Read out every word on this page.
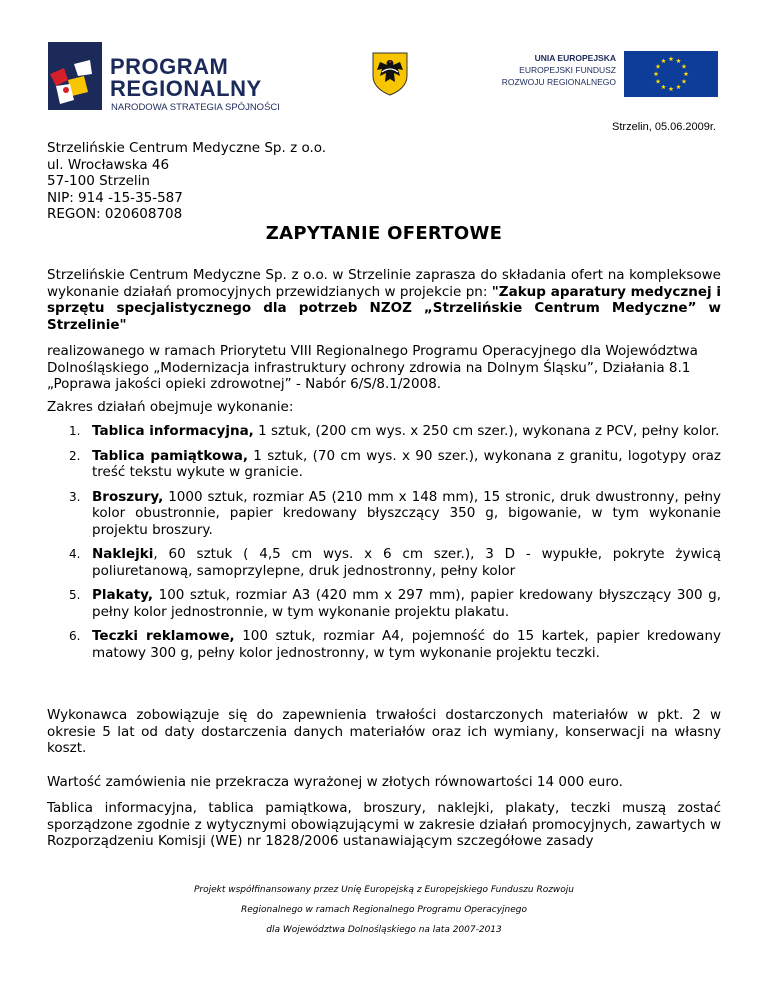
PROGRAM
REGIONALNY
NARODOWA STRATEGIA SPÓJNOŚCI
UNIA EUROPEJSKA
EUROPEJSKI FUNDUSZ
ROZWOJU REGIONALNEGO
Strzelin, 05.06.2009r.
Strzelińskie Centrum Medyczne Sp. z o.o.
ul. Wrocławska 46
57-100 Strzelin
NIP: 914 -15-35-587
REGON: 020608708
ZAPYTANIE OFERTOWE
Strzelińskie Centrum Medyczne Sp. z o.o. w Strzelinie zaprasza do składania ofert na kompleksowe wykonanie działań promocyjnych przewidzianych w projekcie pn: "Zakup aparatury medycznej i sprzętu specjalistycznego dla potrzeb NZOZ „Strzelińskie Centrum Medyczne” w Strzelinie"
realizowanego w ramach Priorytetu VIII Regionalnego Programu Operacyjnego dla Województwa Dolnośląskiego „Modernizacja infrastruktury ochrony zdrowia na Dolnym Śląsku”, Działania 8.1 „Poprawa jakości opieki zdrowotnej” - Nabór 6/S/8.1/2008.
Zakres działań obejmuje wykonanie:
1. Tablica informacyjna, 1 sztuk, (200 cm wys. x 250 cm szer.), wykonana z PCV, pełny kolor.
2. Tablica pamiątkowa, 1 sztuk, (70 cm wys. x 90 szer.), wykonana z granitu, logotypy oraz treść tekstu wykute w granicie.
3. Broszury, 1000 sztuk, rozmiar A5 (210 mm x 148 mm), 15 stronic, druk dwustronny, pełny kolor obustronnie, papier kredowany błyszczący 350 g, bigowanie, w tym wykonanie projektu broszury.
4. Naklejki, 60 sztuk ( 4,5 cm wys. x 6 cm szer.), 3 D - wypukłe, pokryte żywicą poliuretanową, samoprzylepne, druk jednostronny, pełny kolor
5. Plakaty, 100 sztuk, rozmiar A3 (420 mm x 297 mm), papier kredowany błyszczący 300 g, pełny kolor jednostronnie, w tym wykonanie projektu plakatu.
6. Teczki reklamowe, 100 sztuk, rozmiar A4, pojemność do 15 kartek, papier kredowany matowy 300 g, pełny kolor jednostronny, w tym wykonanie projektu teczki.
Wykonawca zobowiązuje się do zapewnienia trwałości dostarczonych materiałów w pkt. 2 w okresie 5 lat od daty dostarczenia danych materiałów oraz ich wymiany, konserwacji na własny koszt.
Wartość zamówienia nie przekracza wyrażonej w złotych równowartości 14 000 euro.
Tablica informacyjna, tablica pamiątkowa, broszury, naklejki, plakaty, teczki muszą zostać sporządzone zgodnie z wytycznymi obowiązującymi w zakresie działań promocyjnych, zawartych w Rozporządzeniu Komisji (WE) nr 1828/2006 ustanawiającym szczegółowe zasady
Projekt współfinansowany przez Unię Europejską z Europejskiego Funduszu Rozwoju
Regionalnego w ramach Regionalnego Programu Operacyjnego
dla Województwa Dolnośląskiego na lata 2007-2013
